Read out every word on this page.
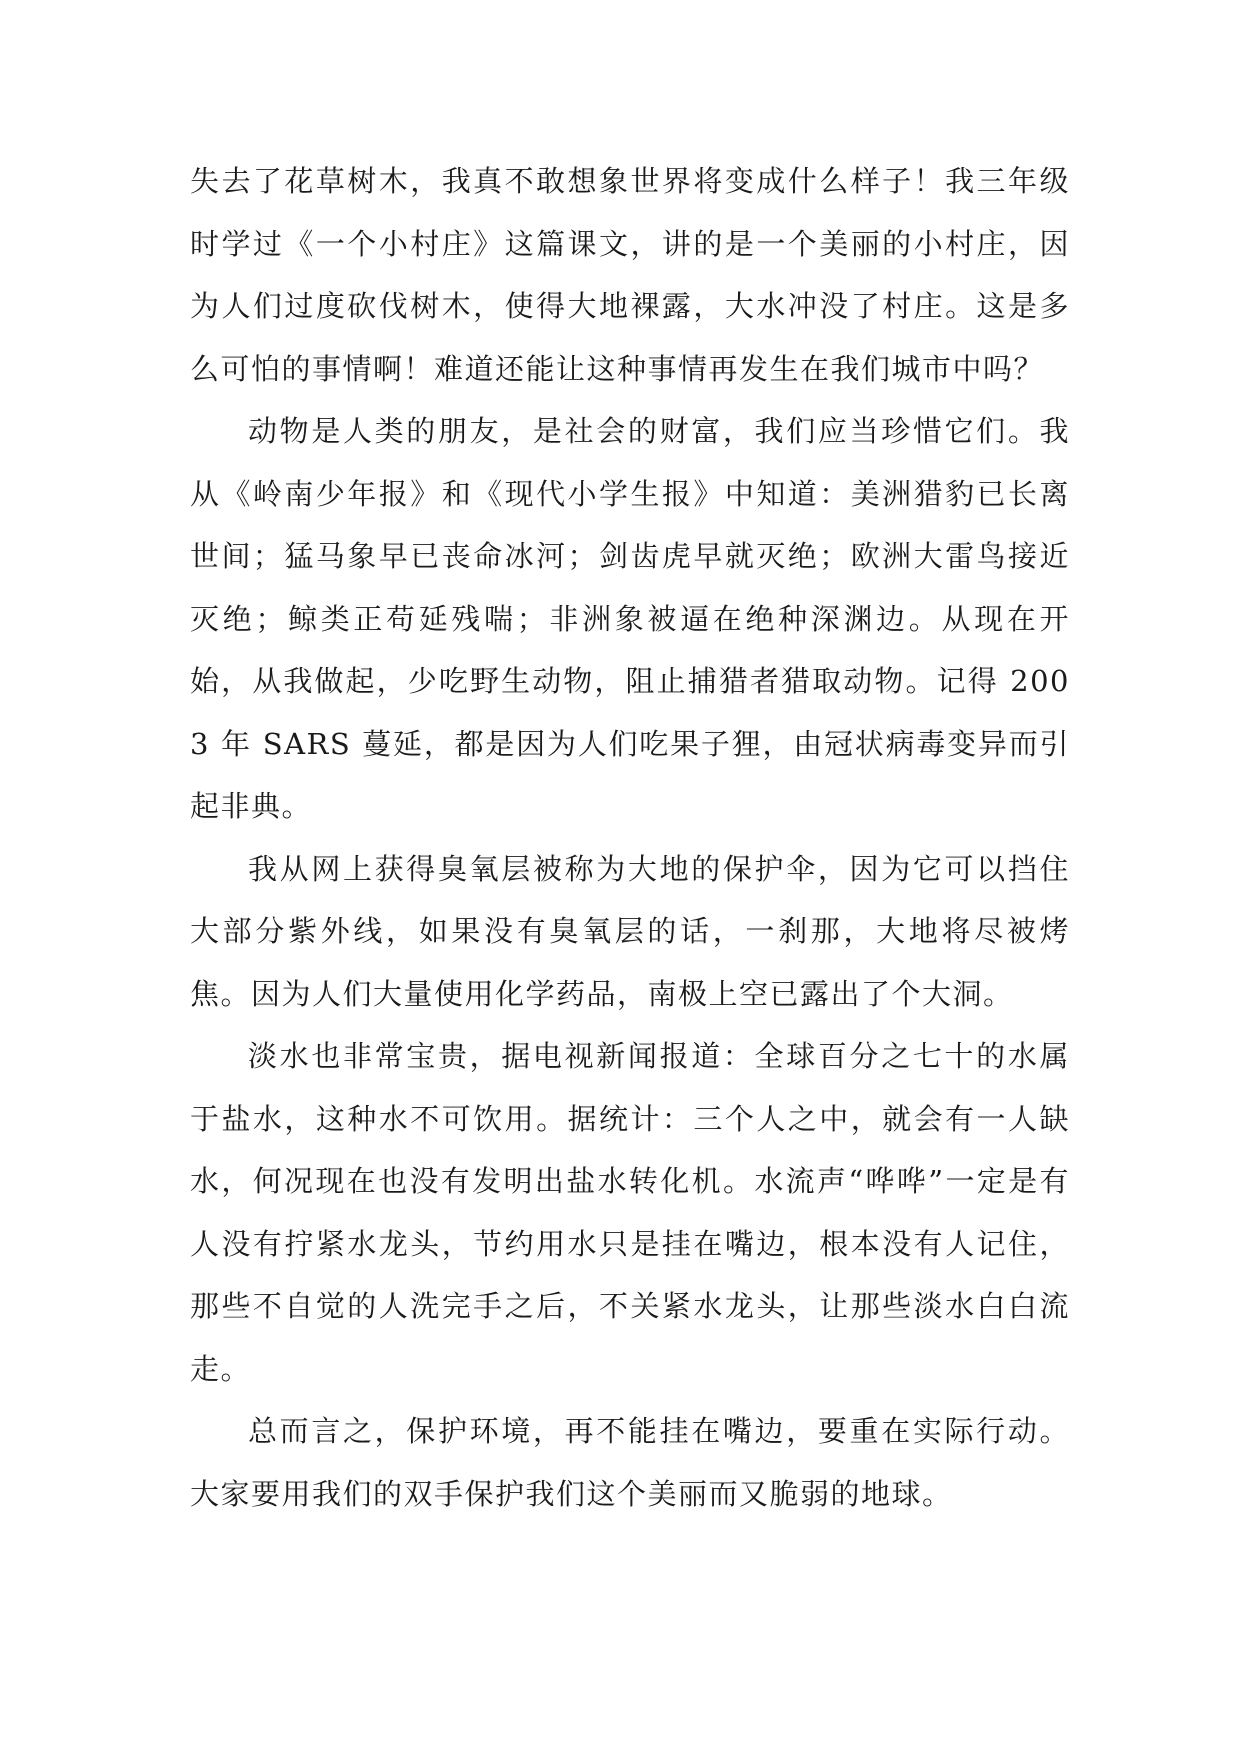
失去了花草树木，我真不敢想象世界将变成什么样子！我三年级时学过《一个小村庄》这篇课文，讲的是一个美丽的小村庄，因为人们过度砍伐树木，使得大地裸露，大水冲没了村庄。这是多么可怕的事情啊！难道还能让这种事情再发生在我们城市中吗？

动物是人类的朋友，是社会的财富，我们应当珍惜它们。我从《岭南少年报》和《现代小学生报》中知道：美洲猎豹已长离世间；猛马象早已丧命冰河；剑齿虎早就灭绝；欧洲大雷鸟接近灭绝；鲸类正苟延残喘；非洲象被逼在绝种深渊边。从现在开始，从我做起，少吃野生动物，阻止捕猎者猎取动物。记得 2003 年 SARS 蔓延，都是因为人们吃果子狸，由冠状病毒变异而引起非典。

我从网上获得臭氧层被称为大地的保护伞，因为它可以挡住大部分紫外线，如果没有臭氧层的话，一刹那，大地将尽被烤焦。因为人们大量使用化学药品，南极上空已露出了个大洞。

淡水也非常宝贵，据电视新闻报道：全球百分之七十的水属于盐水，这种水不可饮用。据统计：三个人之中，就会有一人缺水，何况现在也没有发明出盐水转化机。水流声“哗哗”一定是有人没有拧紧水龙头，节约用水只是挂在嘴边，根本没有人记住，那些不自觉的人洗完手之后，不关紧水龙头，让那些淡水白白流走。

总而言之，保护环境，再不能挂在嘴边，要重在实际行动。大家要用我们的双手保护我们这个美丽而又脆弱的地球。
